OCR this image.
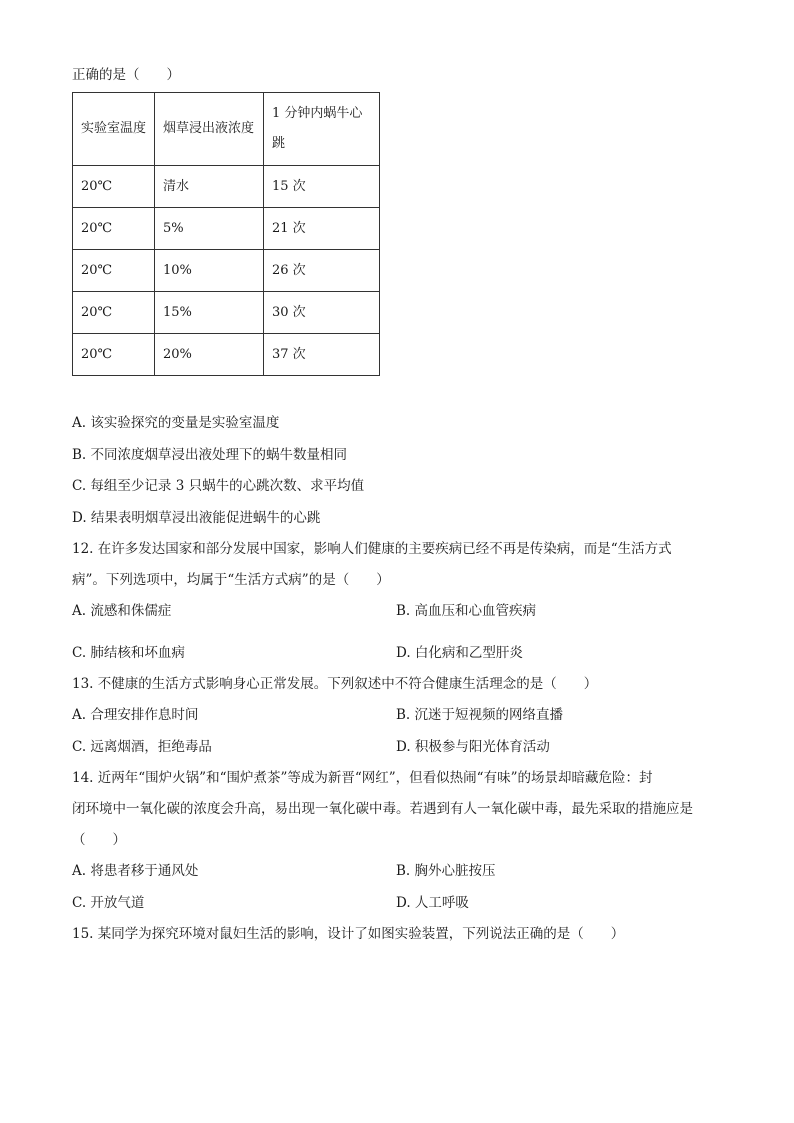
正确的是（　　）
实验室温度	烟草浸出液浓度	1 分钟内蜗牛心跳
20℃	清水	15 次
20℃	5%	21 次
20℃	10%	26 次
20℃	15%	30 次
20℃	20%	37 次
A. 该实验探究的变量是实验室温度
B. 不同浓度烟草浸出液处理下的蜗牛数量相同
C. 每组至少记录 3 只蜗牛的心跳次数、求平均值
D. 结果表明烟草浸出液能促进蜗牛的心跳
12. 在许多发达国家和部分发展中国家，影响人们健康的主要疾病已经不再是传染病，而是“生活方式
病”。下列选项中，均属于“生活方式病”的是（　　）
A. 流感和侏儒症	B. 高血压和心血管疾病
C. 肺结核和坏血病	D. 白化病和乙型肝炎
13. 不健康的生活方式影响身心正常发展。下列叙述中不符合健康生活理念的是（　　）
A. 合理安排作息时间	B. 沉迷于短视频的网络直播
C. 远离烟酒，拒绝毒品	D. 积极参与阳光体育活动
14. 近两年“围炉火锅”和“围炉煮茶”等成为新晋“网红”，但看似热闹“有味”的场景却暗藏危险：封
闭环境中一氧化碳的浓度会升高，易出现一氧化碳中毒。若遇到有人一氧化碳中毒，最先采取的措施应是
（　　）
A. 将患者移于通风处	B. 胸外心脏按压
C. 开放气道	D. 人工呼吸
15. 某同学为探究环境对鼠妇生活的影响，设计了如图实验装置，下列说法正确的是（　　）
